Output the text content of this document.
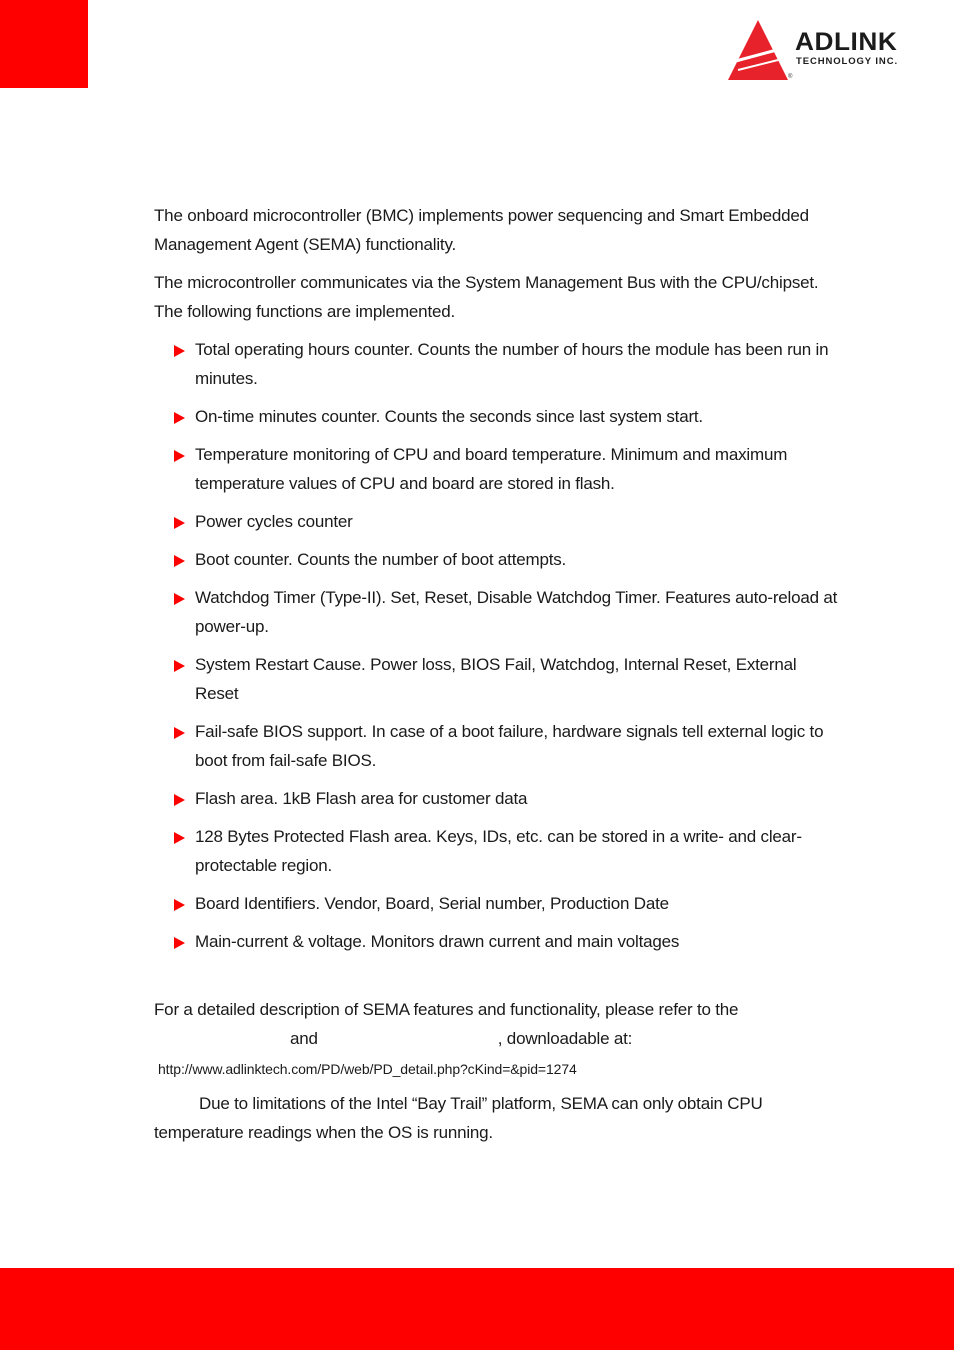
ADLINK
TECHNOLOGY INC.
®

The onboard microcontroller (BMC) implements power sequencing and Smart Embedded Management Agent (SEMA) functionality.

The microcontroller communicates via the System Management Bus with the CPU/chipset. The following functions are implemented.

Total operating hours counter. Counts the number of hours the module has been run in minutes.
On-time minutes counter. Counts the seconds since last system start.
Temperature monitoring of CPU and board temperature. Minimum and maximum temperature values of CPU and board are stored in flash.
Power cycles counter
Boot counter. Counts the number of boot attempts.
Watchdog Timer (Type-II). Set, Reset, Disable Watchdog Timer. Features auto-reload at power-up.
System Restart Cause. Power loss, BIOS Fail, Watchdog, Internal Reset, External Reset
Fail-safe BIOS support. In case of a boot failure, hardware signals tell external logic to boot from fail-safe BIOS.
Flash area. 1kB Flash area for customer data
128 Bytes Protected Flash area. Keys, IDs, etc. can be stored in a write- and clear-protectable region.
Board Identifiers. Vendor, Board, Serial number, Production Date
Main-current & voltage. Monitors drawn current and main voltages

For a detailed description of SEMA features and functionality, please refer to the
and	, downloadable at:

http://www.adlinktech.com/PD/web/PD_detail.php?cKind=&pid=1274

Due to limitations of the Intel “Bay Trail” platform, SEMA can only obtain CPU temperature readings when the OS is running.
